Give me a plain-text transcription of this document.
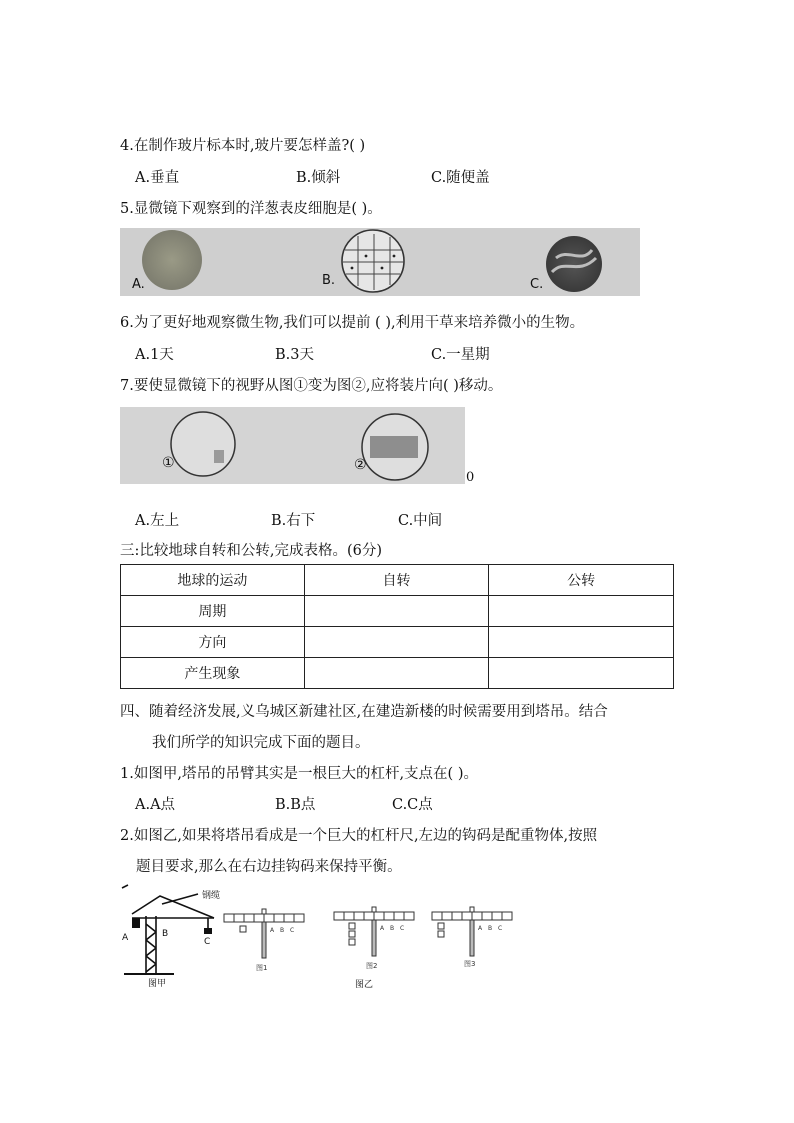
4.在制作玻片标本时,玻片要怎样盖?( )
A.垂直	B.倾斜	C.随便盖
5.显微镜下观察到的洋葱表皮细胞是( )。
A.	B.	C.
6.为了更好地观察微生物,我们可以提前 ( ),利用干草来培养微小的生物。
A.1天	B.3天	C.一星期
7.要使显微镜下的视野从图①变为图②,应将装片向( )移动。
①	②
0
A.左上	B.右下	C.中间
三:比较地球自转和公转,完成表格。(6分)
地球的运动	自转	公转
周期		
方向		
产生现象		
四、随着经济发展,义乌城区新建社区,在建造新楼的时候需要用到塔吊。结合
我们所学的知识完成下面的题目。
1.如图甲,塔吊的吊臂其实是一根巨大的杠杆,支点在( )。
A.A点	B.B点	C.C点
2.如图乙,如果将塔吊看成是一个巨大的杠杆尺,左边的钩码是配重物体,按照
题目要求,那么在右边挂钩码来保持平衡。
钢缆
A	B
C
图甲
A B C
图1
A B C
图2
A B C
图3
图乙
